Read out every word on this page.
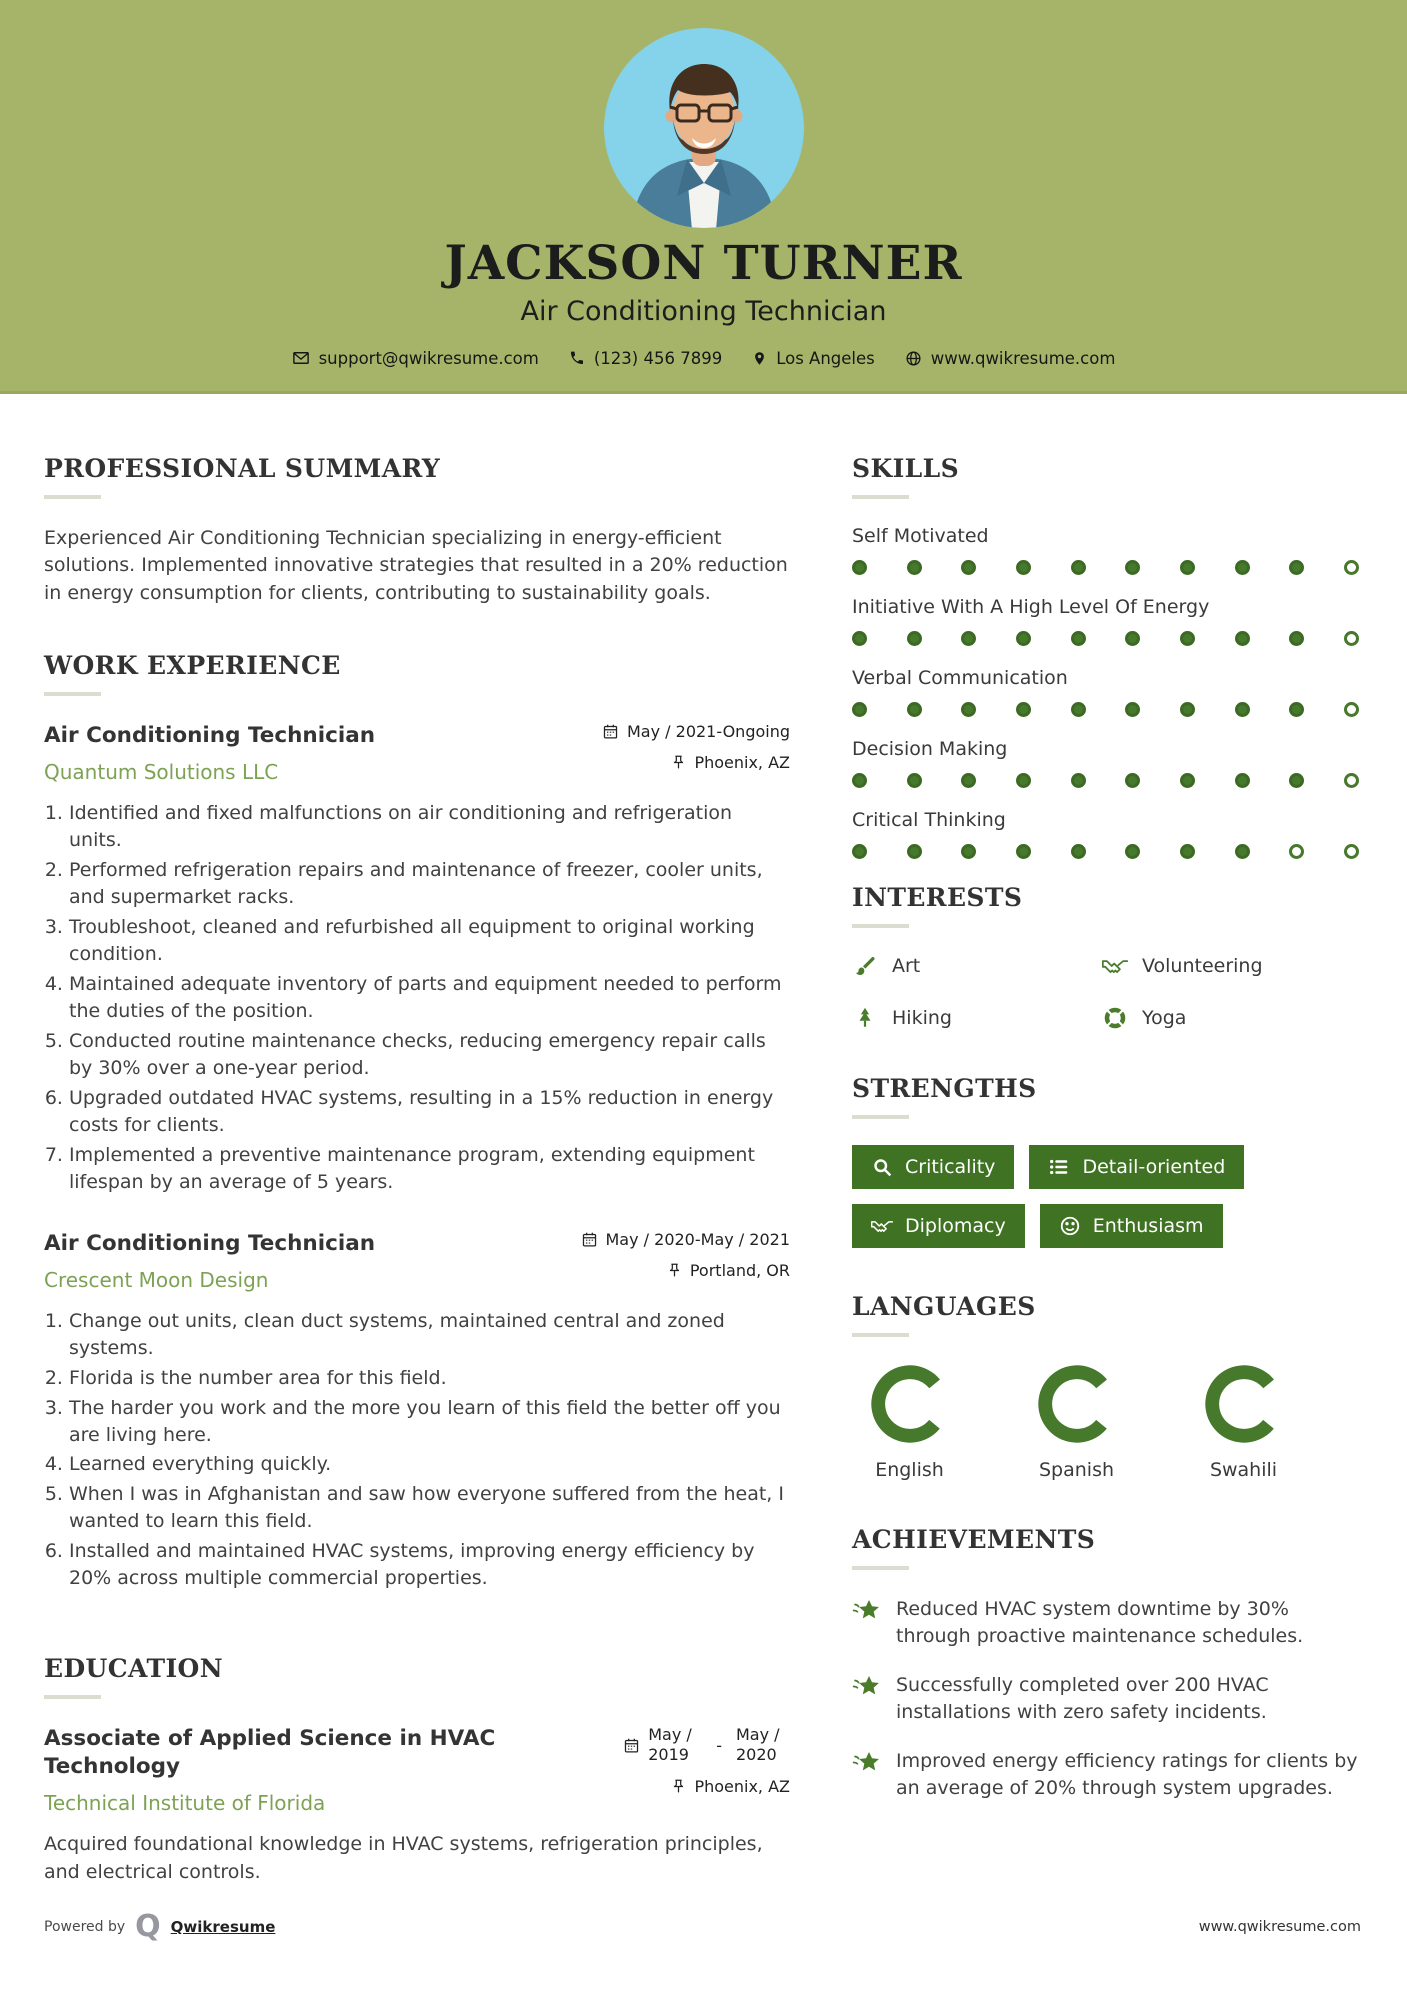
JACKSON TURNER
Air Conditioning Technician
support@qwikresume.com	(123) 456 7899	Los Angeles	www.qwikresume.com
PROFESSIONAL SUMMARY

Experienced Air Conditioning Technician specializing in energy-efficient solutions. Implemented innovative strategies that resulted in a 20% reduction in energy consumption for clients, contributing to sustainability goals.

WORK EXPERIENCE
Air Conditioning Technician
Quantum Solutions LLC
May / 2021-Ongoing
Phoenix, AZ
1. Identified and fixed malfunctions on air conditioning and refrigeration units.
2. Performed refrigeration repairs and maintenance of freezer, cooler units, and supermarket racks.
3. Troubleshoot, cleaned and refurbished all equipment to original working condition.
4. Maintained adequate inventory of parts and equipment needed to perform the duties of the position.
5. Conducted routine maintenance checks, reducing emergency repair calls by 30% over a one-year period.
6. Upgraded outdated HVAC systems, resulting in a 15% reduction in energy costs for clients.
7. Implemented a preventive maintenance program, extending equipment lifespan by an average of 5 years.
Air Conditioning Technician
Crescent Moon Design
May / 2020-May / 2021
Portland, OR
1. Change out units, clean duct systems, maintained central and zoned systems.
2. Florida is the number area for this field.
3. The harder you work and the more you learn of this field the better off you are living here.
4. Learned everything quickly.
5. When I was in Afghanistan and saw how everyone suffered from the heat, I wanted to learn this field.
6. Installed and maintained HVAC systems, improving energy efficiency by 20% across multiple commercial properties.
EDUCATION
Associate of Applied Science in HVAC Technology
Technical Institute of Florida
May / 2019	-
May / 2020
Phoenix, AZ

Acquired foundational knowledge in HVAC systems, refrigeration principles, and electrical controls.

SKILLS
Self Motivated
Initiative With A High Level Of Energy
Verbal Communication
Decision Making
Critical Thinking
INTERESTS
Art	Volunteering
Hiking	Yoga
STRENGTHS
Criticality	Detail-oriented
Diplomacy	Enthusiasm
LANGUAGES
English	Spanish	Swahili
ACHIEVEMENTS

Reduced HVAC system downtime by 30% through proactive maintenance schedules.

Successfully completed over 200 HVAC installations with zero safety incidents.

Improved energy efficiency ratings for clients by an average of 20% through system upgrades.

Powered by Q Qwikresume	www.qwikresume.com
